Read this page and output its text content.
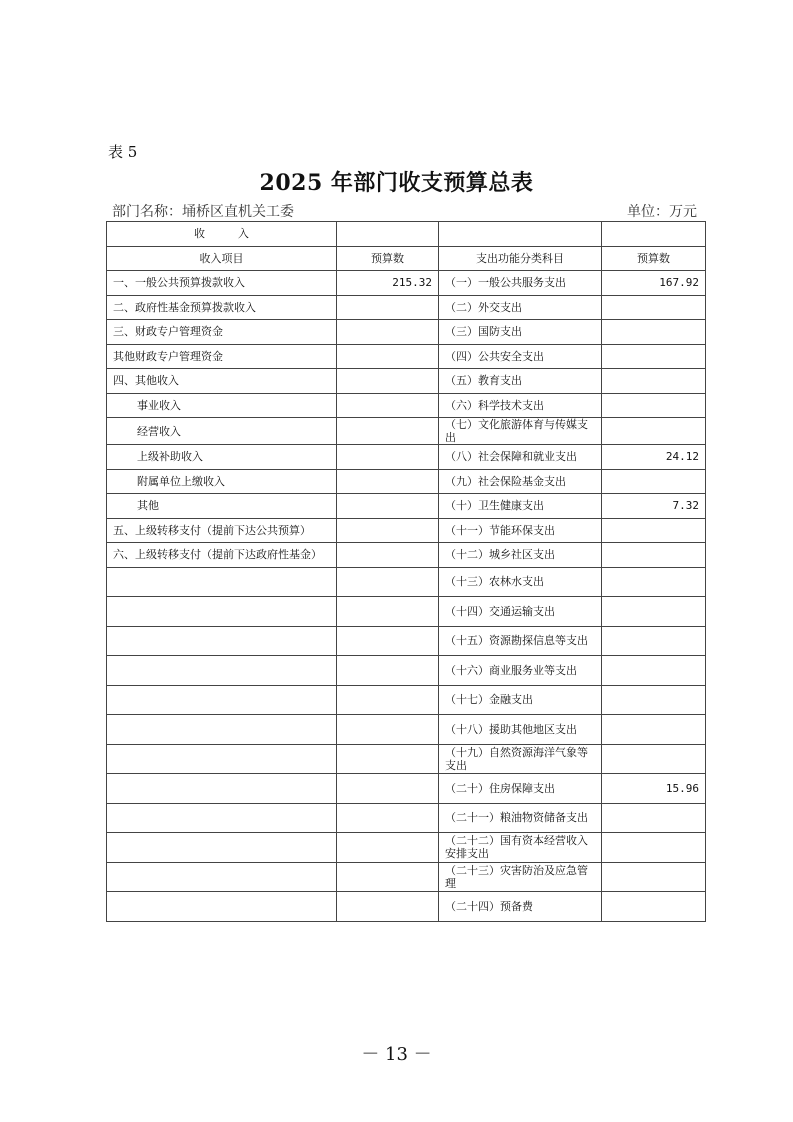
表 5
2025 年部门收支预算总表
部门名称：埇桥区直机关工委	单位：万元
收　　　入			
收入项目	预算数	支出功能分类科目	预算数
一、一般公共预算拨款收入	215.32	（一）一般公共服务支出	167.92
二、政府性基金预算拨款收入		（二）外交支出	
三、财政专户管理资金		（三）国防支出	
其他财政专户管理资金		（四）公共安全支出	
四、其他收入		（五）教育支出	
事业收入		（六）科学技术支出	
经营收入		（七）文化旅游体育与传媒支出	
上级补助收入		（八）社会保障和就业支出	24.12
附属单位上缴收入		（九）社会保险基金支出	
其他		（十）卫生健康支出	7.32
五、上级转移支付（提前下达公共预算）		（十一）节能环保支出	
六、上级转移支付（提前下达政府性基金）		（十二）城乡社区支出	
		（十三）农林水支出	
		（十四）交通运输支出	
		（十五）资源勘探信息等支出	
		（十六）商业服务业等支出	
		（十七）金融支出	
		（十八）援助其他地区支出	
		（十九）自然资源海洋气象等支出	
		（二十）住房保障支出	15.96
		（二十一）粮油物资储备支出	
		（二十二）国有资本经营收入安排支出	
		（二十三）灾害防治及应急管理	
		（二十四）预备费	
－ 13 －
